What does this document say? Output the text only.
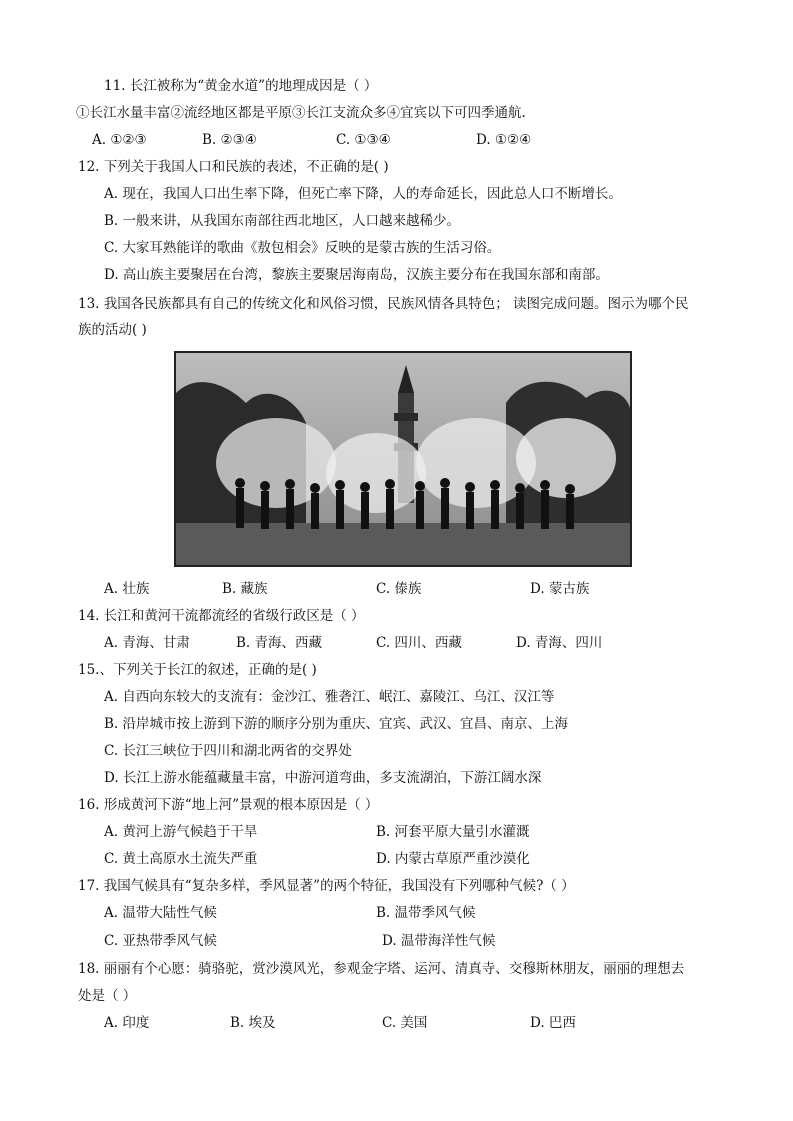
11. 长江被称为“黄金水道”的地理成因是（ ）
①长江水量丰富②流经地区都是平原③长江支流众多④宜宾以下可四季通航.
A. ①②③	B. ②③④	C. ①③④	D. ①②④
12. 下列关于我国人口和民族的表述，不正确的是( )
A. 现在，我国人口出生率下降，但死亡率下降，人的寿命延长，因此总人口不断增长。
B. 一般来讲，从我国东南部往西北地区，人口越来越稀少。
C. 大家耳熟能详的歌曲《敖包相会》反映的是蒙古族的生活习俗。
D. 高山族主要聚居在台湾，黎族主要聚居海南岛，汉族主要分布在我国东部和南部。
13. 我国各民族都具有自己的传统文化和风俗习惯，民族风情各具特色； 读图完成问题。图示为哪个民
族的活动( )
A. 壮族	B. 藏族	C. 傣族	D. 蒙古族
14. 长江和黄河干流都流经的省级行政区是（ ）
A. 青海、甘肃	B. 青海、西藏	C. 四川、西藏	D. 青海、四川
15.、下列关于长江的叙述，正确的是( )
A. 自西向东较大的支流有：金沙江、雅砻江、岷江、嘉陵江、乌江、汉江等
B. 沿岸城市按上游到下游的顺序分别为重庆、宜宾、武汉、宜昌、南京、上海
C. 长江三峡位于四川和湖北两省的交界处
D. 长江上游水能蕴藏量丰富，中游河道弯曲，多支流湖泊，下游江阔水深
16. 形成黄河下游“地上河”景观的根本原因是（ ）
A. 黄河上游气候趋于干旱	B. 河套平原大量引水灌溉
C. 黄土高原水土流失严重	D. 内蒙古草原严重沙漠化
17. 我国气候具有“复杂多样，季风显著”的两个特征，我国没有下列哪种气候?（ ）
A. 温带大陆性气候	B. 温带季风气候
C. 亚热带季风气候	D. 温带海洋性气候
18. 丽丽有个心愿：骑骆驼，赏沙漠风光，参观金字塔、运河、清真寺、交穆斯林朋友，丽丽的理想去
处是（ ）
A. 印度	B. 埃及	C. 美国	D. 巴西
